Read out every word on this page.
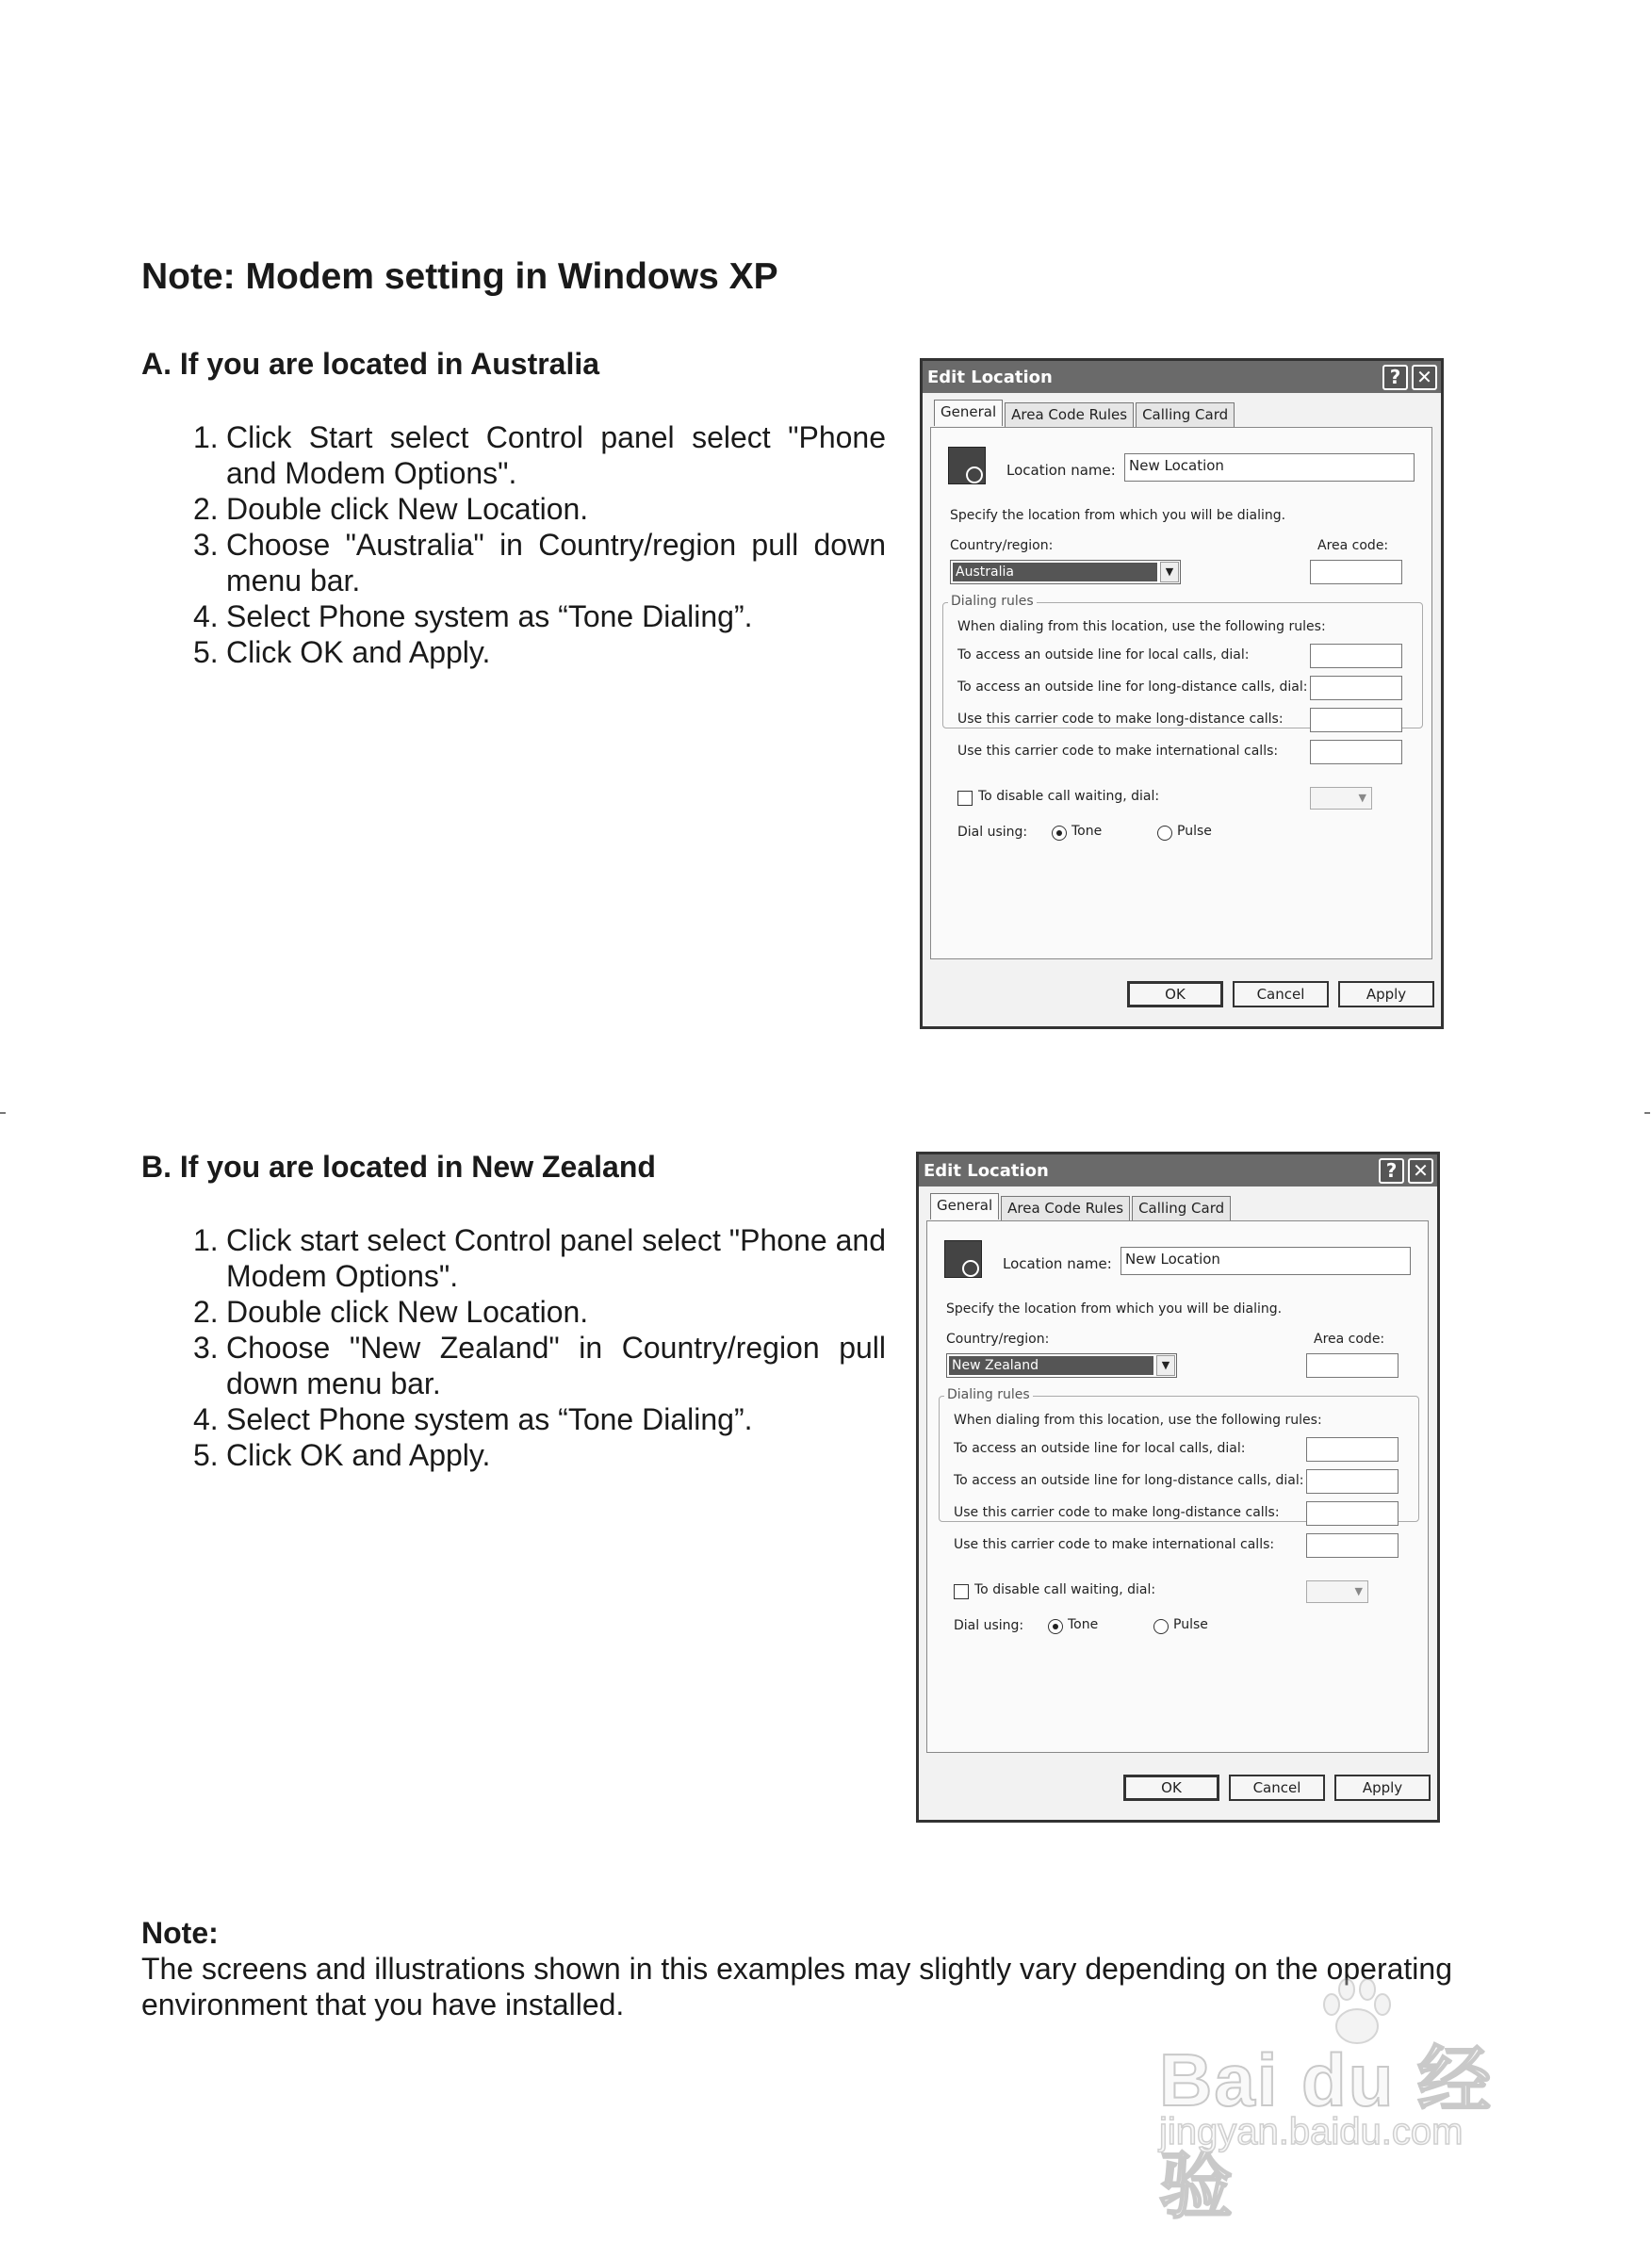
Note: Modem setting in Windows XP
A. If you are located in Australia
1. Click Start select Control panel select "Phone and Modem Options".
2. Double click New Location.
3. Choose "Australia" in Country/region pull down menu bar.
4. Select Phone system as “Tone Dialing”.
5. Click OK and Apply.
Edit Location	? ✕
General	Area Code Rules	Calling Card
Location name: New Location
Specify the location from which you will be dialing.
Country/region:	Area code:
Australia	▼
Dialing rules
When dialing from this location, use the following rules:
To access an outside line for local calls, dial:
To access an outside line for long-distance calls, dial:
Use this carrier code to make long-distance calls:
Use this carrier code to make international calls:
To disable call waiting, dial:	▼
Dial using:	Tone	Pulse
OK	Cancel	Apply
B. If you are located in New Zealand
1. Click start select Control panel select "Phone and Modem Options".
2. Double click New Location.
3. Choose "New Zealand" in Country/region pull down menu bar.
4. Select Phone system as “Tone Dialing”.
5. Click OK and Apply.
Edit Location	? ✕
General	Area Code Rules	Calling Card
Location name: New Location
Specify the location from which you will be dialing.
Country/region:	Area code:
New Zealand	▼
Dialing rules
When dialing from this location, use the following rules:
To access an outside line for local calls, dial:
To access an outside line for long-distance calls, dial:
Use this carrier code to make long-distance calls:
Use this carrier code to make international calls:
To disable call waiting, dial:	▼
Dial using:	Tone	Pulse
OK	Cancel	Apply
Note:
The screens and illustrations shown in this examples may slightly vary depending on the operating environment that you have installed.
Bai du 经验
jingyan.baidu.com
